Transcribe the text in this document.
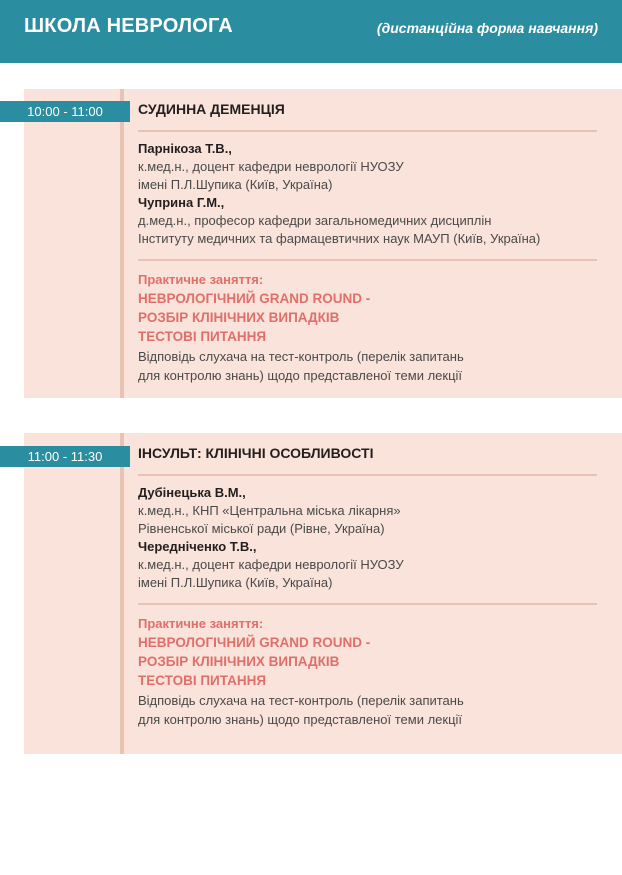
ШКОЛА НЕВРОЛОГА	(дистанційна форма навчання)
СУДИННА ДЕМЕНЦІЯ
Парнікоза Т.В.,
к.мед.н., доцент кафедри неврології НУОЗУ
імені П.Л.Шупика (Київ, Україна)
Чуприна Г.М.,
д.мед.н., професор кафедри загальномедичних дисциплін
Інституту медичних та фармацевтичних наук МАУП (Київ, Україна)
Практичне заняття:
НЕВРОЛОГІЧНИЙ GRAND ROUND -
РОЗБІР КЛІНІЧНИХ ВИПАДКІВ
ТЕСТОВІ ПИТАННЯ
Відповідь слухача на тест-контроль (перелік запитань
для контролю знань) щодо представленої теми лекції
10:00 - 11:00
ІНСУЛЬТ: КЛІНІЧНІ ОСОБЛИВОСТІ
Дубінецька В.М.,
к.мед.н., КНП «Центральна міська лікарня»
Рівненської міської ради (Рівне, Україна)
Чередніченко Т.В.,
к.мед.н., доцент кафедри неврології НУОЗУ
імені П.Л.Шупика (Київ, Україна)
Практичне заняття:
НЕВРОЛОГІЧНИЙ GRAND ROUND -
РОЗБІР КЛІНІЧНИХ ВИПАДКІВ
ТЕСТОВІ ПИТАННЯ
Відповідь слухача на тест-контроль (перелік запитань
для контролю знань) щодо представленої теми лекції
11:00 - 11:30
